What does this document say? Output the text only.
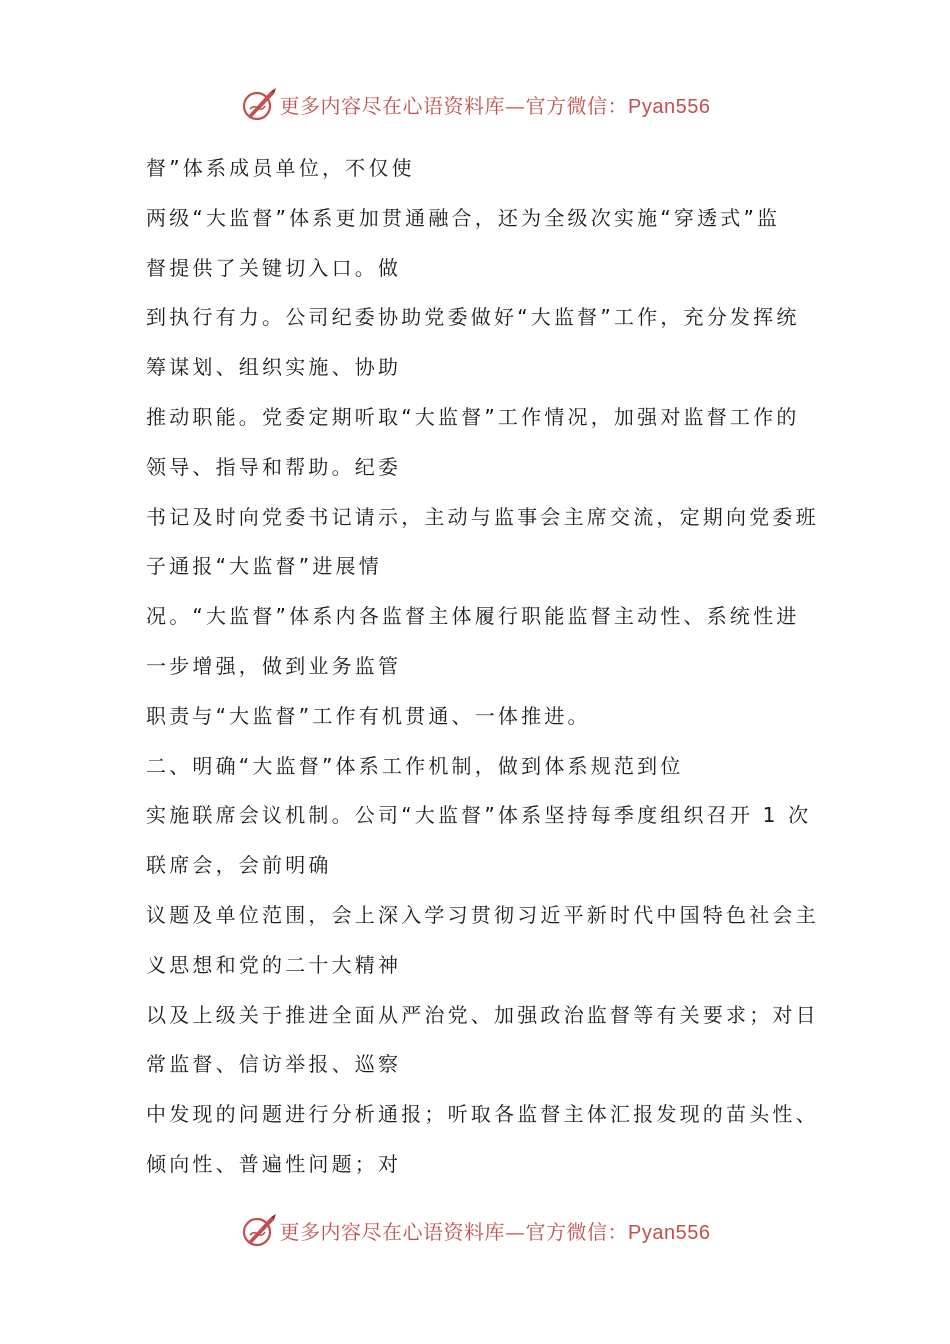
更多内容尽在心语资料库—官方微信：Pyan556
督”体系成员单位，不仅使
两级“大监督”体系更加贯通融合，还为全级次实施“穿透式”监
督提供了关键切入口。做
到执行有力。公司纪委协助党委做好“大监督”工作，充分发挥统
筹谋划、组织实施、协助
推动职能。党委定期听取“大监督”工作情况，加强对监督工作的
领导、指导和帮助。纪委
书记及时向党委书记请示，主动与监事会主席交流，定期向党委班
子通报“大监督”进展情
况。“大监督”体系内各监督主体履行职能监督主动性、系统性进
一步增强，做到业务监管
职责与“大监督”工作有机贯通、一体推进。
二、明确“大监督”体系工作机制，做到体系规范到位
实施联席会议机制。公司“大监督”体系坚持每季度组织召开 1 次
联席会，会前明确
议题及单位范围，会上深入学习贯彻习近平新时代中国特色社会主
义思想和党的二十大精神
以及上级关于推进全面从严治党、加强政治监督等有关要求；对日
常监督、信访举报、巡察
中发现的问题进行分析通报；听取各监督主体汇报发现的苗头性、
倾向性、普遍性问题；对
更多内容尽在心语资料库—官方微信：Pyan556
